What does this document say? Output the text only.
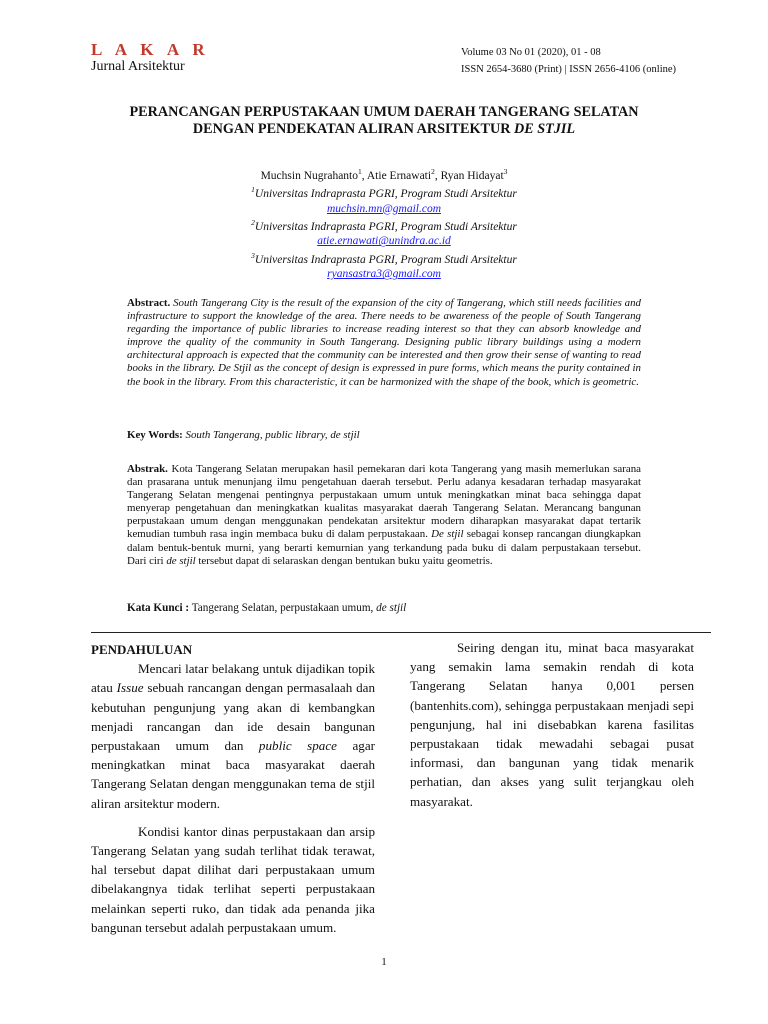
L A K A R
Jurnal Arsitektur
Volume 03 No 01 (2020), 01 - 08
ISSN 2654-3680 (Print) | ISSN 2656-4106 (online)
PERANCANGAN PERPUSTAKAAN UMUM DAERAH TANGERANG SELATAN
DENGAN PENDEKATAN ALIRAN ARSITEKTUR DE STJIL
Muchsin Nugrahanto$^1$, Atie Ernawati$^2$, Ryan Hidayat$^3$
$^1$Universitas Indraprasta PGRI, Program Studi Arsitektur
muchsin.mn@gmail.com
$^2$Universitas Indraprasta PGRI, Program Studi Arsitektur
atie.ernawati@unindra.ac.id
$^3$Universitas Indraprasta PGRI, Program Studi Arsitektur
ryansastra3@gmail.com
Abstract. South Tangerang City is the result of the expansion of the city of Tangerang, which still needs facilities and infrastructure to support the knowledge of the area. There needs to be awareness of the people of South Tangerang regarding the importance of public libraries to increase reading interest so that they can absorb knowledge and improve the quality of the community in South Tangerang. Designing public library buildings using a modern architectural approach is expected that the community can be interested and then grow their sense of wanting to read books in the library. De Stjil as the concept of design is expressed in pure forms, which means the purity contained in the book in the library. From this characteristic, it can be harmonized with the shape of the book, which is geometric.
Key Words: South Tangerang, public library, de stjil
Abstrak. Kota Tangerang Selatan merupakan hasil pemekaran dari kota Tangerang yang masih memerlukan sarana dan prasarana untuk menunjang ilmu pengetahuan daerah tersebut. Perlu adanya kesadaran terhadap masyarakat Tangerang Selatan mengenai pentingnya perpustakaan umum untuk meningkatkan minat baca sehingga dapat menyerap pengetahuan dan meningkatkan kualitas masyarakat daerah Tangerang Selatan. Merancang bangunan perpustakaan umum dengan menggunakan pendekatan arsitektur modern diharapkan masyarakat dapat tertarik kemudian tumbuh rasa ingin membaca buku di dalam perpustakaan. De stjil sebagai konsep rancangan diungkapkan dalam bentuk-bentuk murni, yang berarti kemurnian yang terkandung pada buku di dalam perpustakaan tersebut. Dari ciri de stjil tersebut dapat di selaraskan dengan bentukan buku yaitu geometris.
Kata Kunci : Tangerang Selatan, perpustakaan umum, de stjil
PENDAHULUAN

Mencari latar belakang untuk dijadikan topik atau Issue sebuah rancangan dengan permasalaah dan kebutuhan pengunjung yang akan di kembangkan menjadi rancangan dan ide desain bangunan perpustakaan umum dan public space agar meningkatkan minat baca masyarakat daerah Tangerang Selatan dengan menggunakan tema de stjil aliran arsitektur modern.

Kondisi kantor dinas perpustakaan dan arsip Tangerang Selatan yang sudah terlihat tidak terawat, hal tersebut dapat dilihat dari perpustakaan umum dibelakangnya tidak terlihat seperti perpustakaan melainkan seperti ruko, dan tidak ada penanda jika bangunan tersebut adalah perpustakaan umum.

Seiring dengan itu, minat baca masyarakat yang semakin lama semakin rendah di kota Tangerang Selatan hanya 0,001 persen (bantenhits.com), sehingga perpustakaan menjadi sepi pengunjung, hal ini disebabkan karena fasilitas perpustakaan tidak mewadahi sebagai pusat informasi, dan bangunan yang tidak menarik perhatian, dan akses yang sulit terjangkau oleh masyarakat.

1
